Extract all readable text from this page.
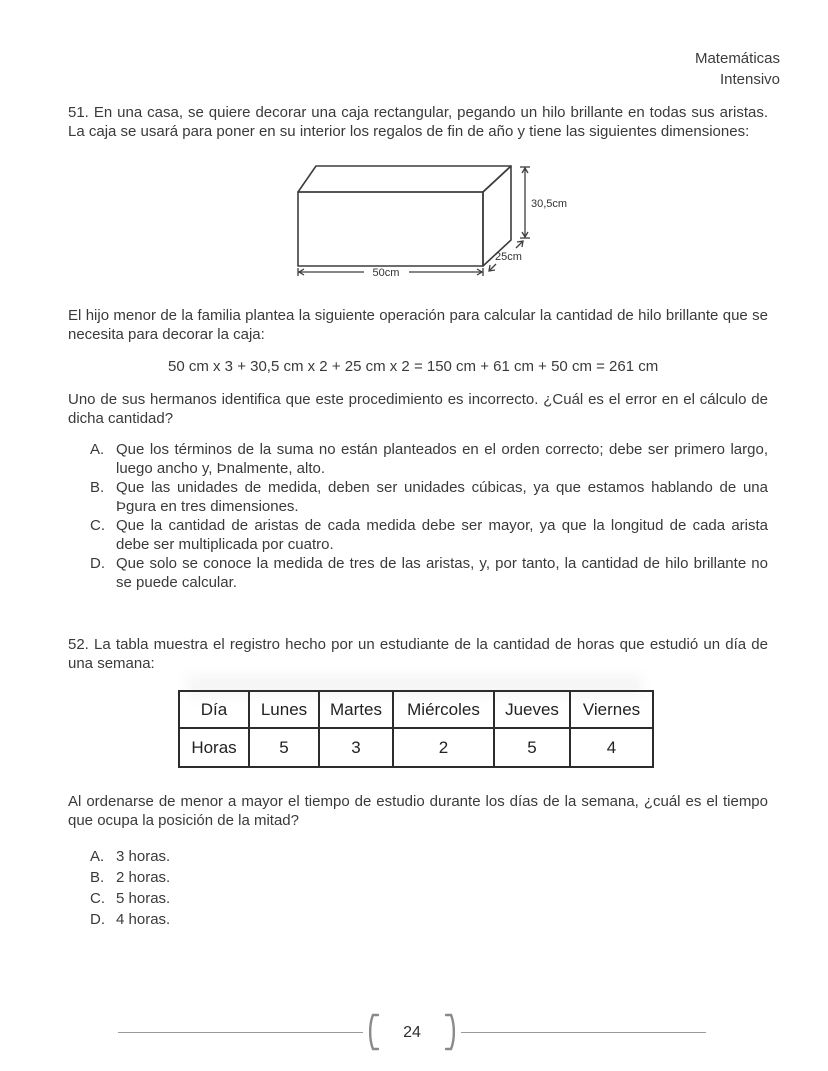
Matemáticas
Intensivo

51. En una casa, se quiere decorar una caja rectangular, pegando un hilo brillante en todas sus aristas. La caja se usará para poner en su interior los regalos de fin de año y tiene las siguientes dimensiones:

30,5cm
25cm
50cm

El hijo menor de la familia plantea la siguiente operación para calcular la cantidad de hilo brillante que se necesita para decorar la caja:

50 cm x 3 + 30,5 cm x 2 + 25 cm x 2 = 150 cm + 61 cm + 50 cm = 261 cm

Uno de sus hermanos identifica que este procedimiento es incorrecto. ¿Cuál es el error en el cálculo de dicha cantidad?

A. Que los términos de la suma no están planteados en el orden correcto; debe ser primero largo, luego ancho y, Þnalmente, alto.
B. Que las unidades de medida, deben ser unidades cúbicas, ya que estamos hablando de una Þgura en tres dimensiones.
C. Que la cantidad de aristas de cada medida debe ser mayor, ya que la longitud de cada arista debe ser multiplicada por cuatro.
D. Que solo se conoce la medida de tres de las aristas, y, por tanto, la cantidad de hilo brillante no se puede calcular.

52. La tabla muestra el registro hecho por un estudiante de la cantidad de horas que estudió un día de una semana:

Día	Lunes	Martes	Miércoles	Jueves	Viernes
Horas	5	3	2	5	4

Al ordenarse de menor a mayor el tiempo de estudio durante los días de la semana, ¿cuál es el tiempo que ocupa la posición de la mitad?

A. 3 horas.
B. 2 horas.
C. 5 horas.
D. 4 horas.
24
